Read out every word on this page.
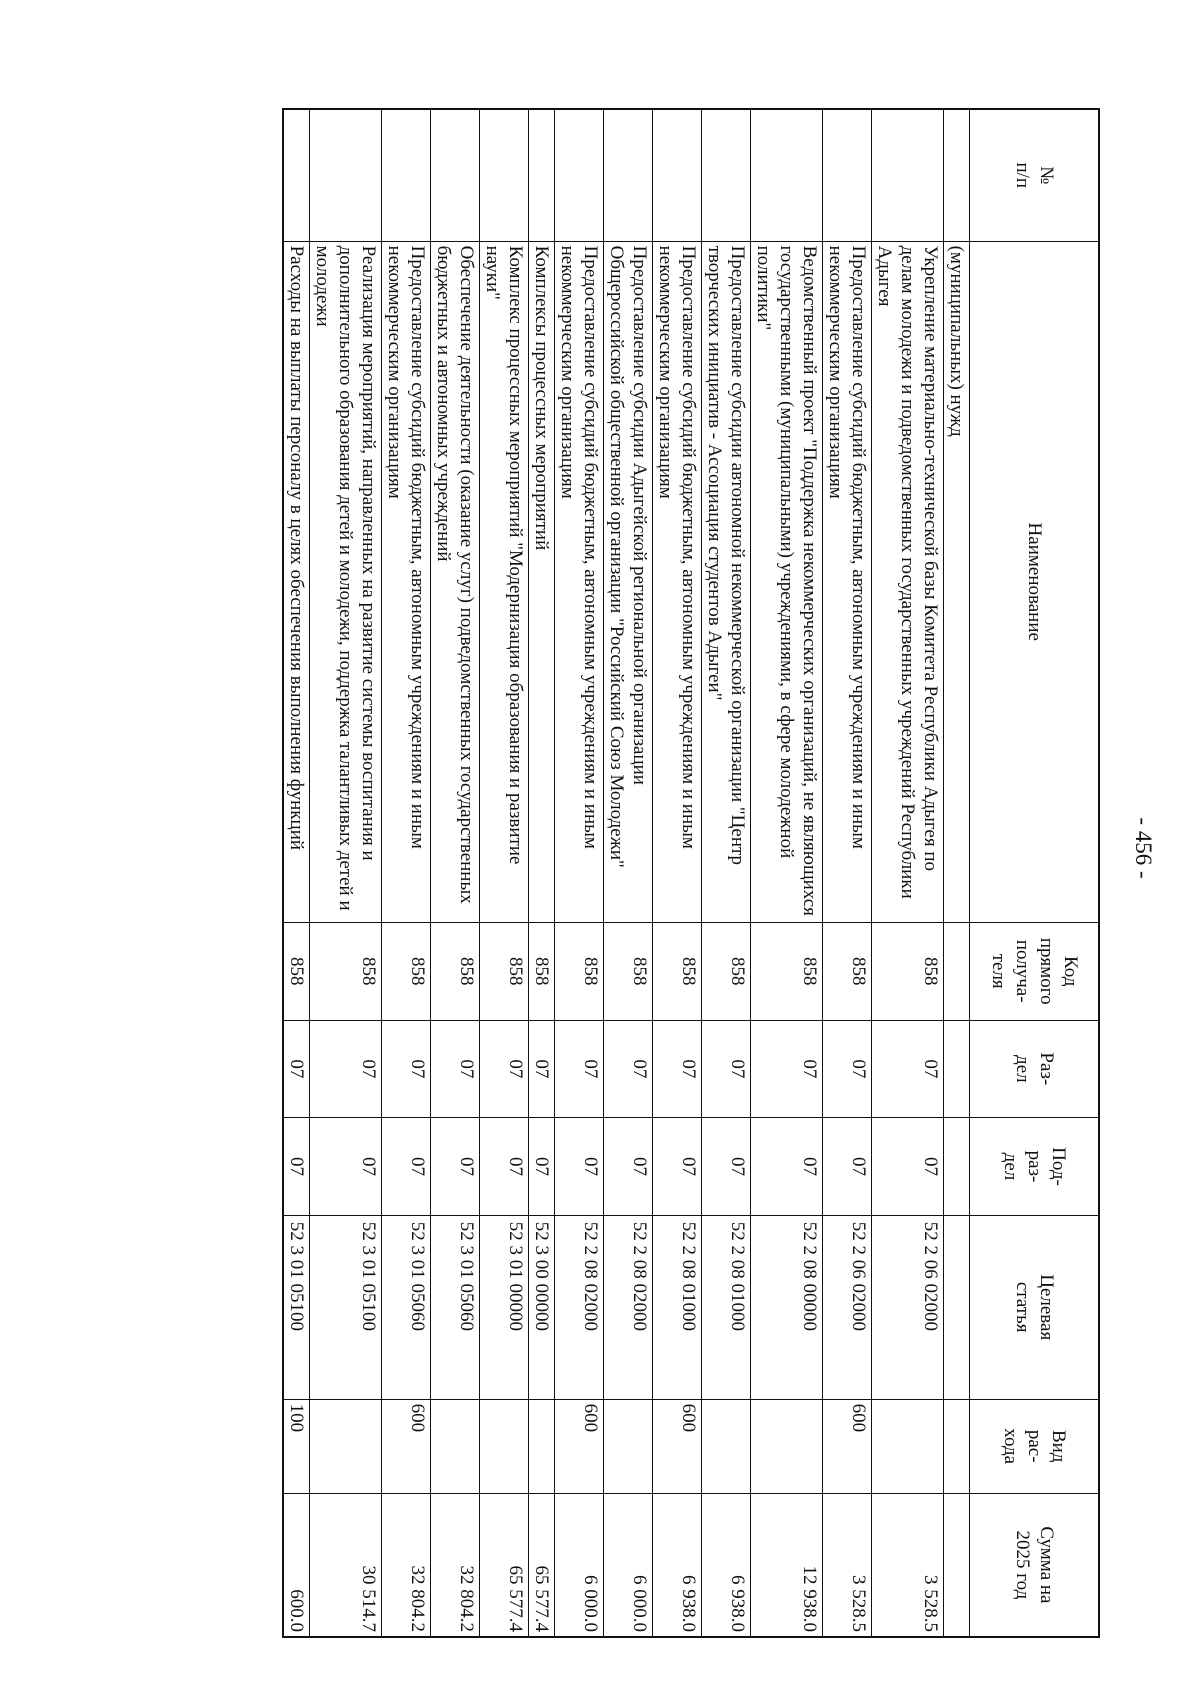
- 456 -
№
п/п	Наименование	Код
прямого
получа-
теля	Раз-
дел	Под-
раз-
дел	Целевая
статья	Вид
рас-
хода	Сумма на
2025 год
	(муниципальных) нужд						
	Укрепление материально-технической базы Комитета Республики Адыгея по делам молодежи и подведомственных государственных учреждений Республики Адыгея	858	07	07	52 2 06 02000		3 528.5
	Предоставление субсидий бюджетным, автономным учреждениям и иным некоммерческим организациям	858	07	07	52 2 06 02000	600	3 528.5
	Ведомственный проект "Поддержка некоммерческих организаций, не являющихся государственными (муниципальными) учреждениями, в сфере молодежной политики"	858	07	07	52 2 08 00000		12 938.0
	Предоставление субсидии автономной некоммерческой организации "Центр творческих инициатив - Ассоциация студентов Адыгеи"	858	07	07	52 2 08 01000		6 938.0
	Предоставление субсидий бюджетным, автономным учреждениям и иным некоммерческим организациям	858	07	07	52 2 08 01000	600	6 938.0
	Предоставление субсидии Адыгейской региональной организации Общероссийской общественной организации "Российский Союз Молодежи"	858	07	07	52 2 08 02000		6 000.0
	Предоставление субсидий бюджетным, автономным учреждениям и иным некоммерческим организациям	858	07	07	52 2 08 02000	600	6 000.0
	Комплексы процессных мероприятий	858	07	07	52 3 00 00000		65 577.4
	Комплекс процессных мероприятий "Модернизация образования и развитие науки"	858	07	07	52 3 01 00000		65 577.4
	Обеспечение деятельности (оказание услуг) подведомственных государственных бюджетных и автономных учреждений	858	07	07	52 3 01 05060		32 804.2
	Предоставление субсидий бюджетным, автономным учреждениям и иным некоммерческим организациям	858	07	07	52 3 01 05060	600	32 804.2
	Реализация мероприятий, направленных на развитие системы воспитания и дополнительного образования детей и молодежи, поддержка талантливых детей и молодежи	858	07	07	52 3 01 05100		30 514.7
	Расходы на выплаты персоналу в целях обеспечения выполнения функций	858	07	07	52 3 01 05100	100	600.0
